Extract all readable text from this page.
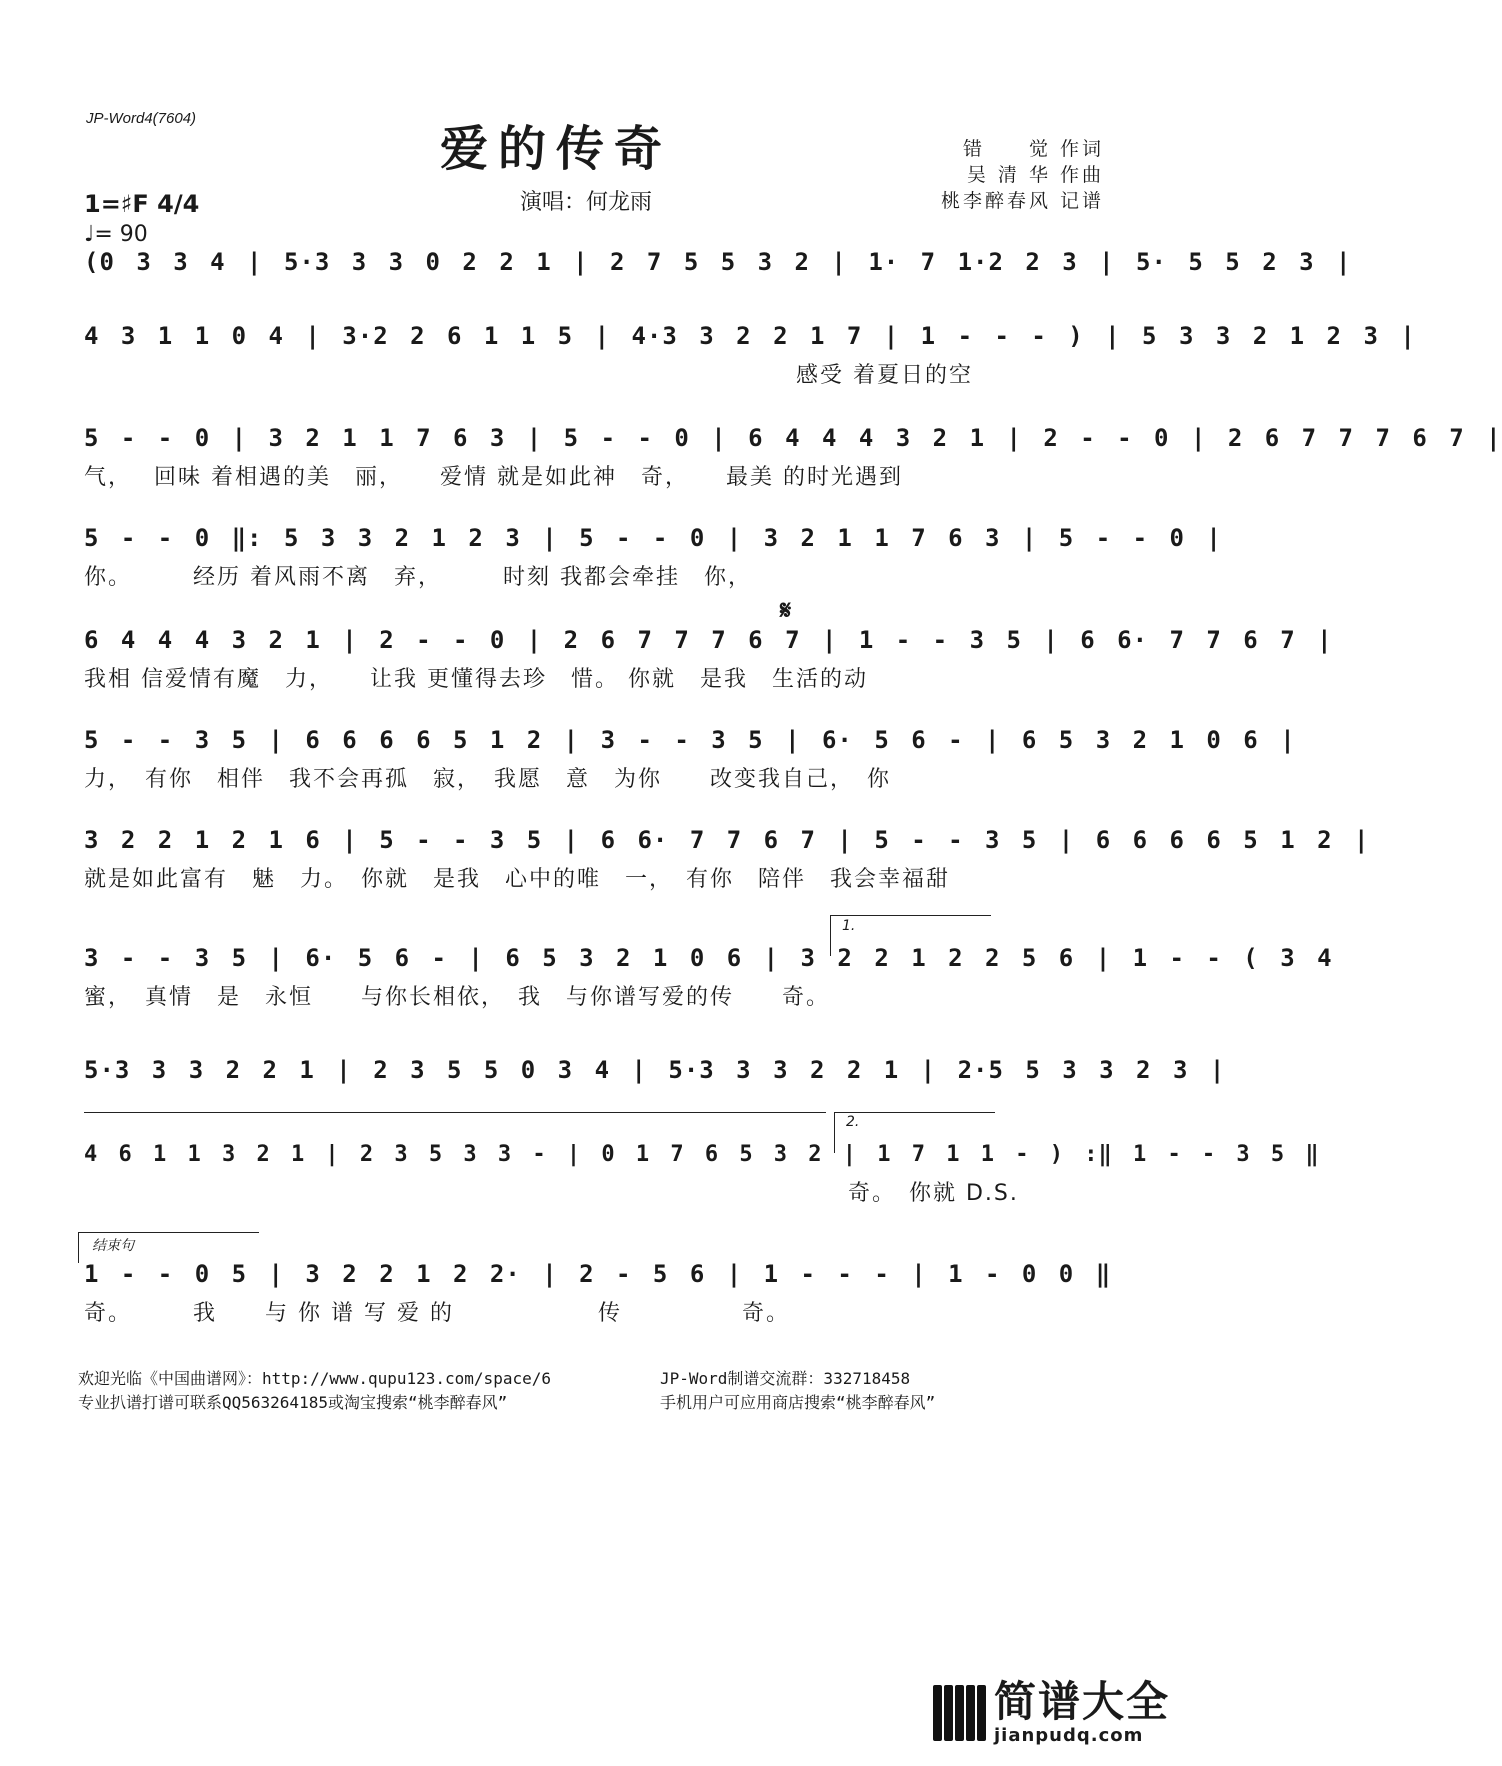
JP-Word4(7604)
爱的传奇
演唱：何龙雨
错　　觉 作词
吴 清 华 作曲
桃李醉春风 记谱
1=♯F 4/4
♩= 90
(0 3 3 4 | 5·3 3 3 0 2 2 1 | 2 7 5 5 3 2 | 1· 7 1·2 2 3 | 5· 5 5 2 3 |
4 3 1 1 0 4 | 3·2 2 6 1 1 5 | 4·3 3 2 2 1 7 | 1 - - - ) | 5 3 3 2 1 2 3 |
感受 着夏日的空
5 - - 0 | 3 2 1 1 7 6 3 | 5 - - 0 | 6 4 4 4 3 2 1 | 2 - - 0 | 2 6 7 7 7 6 7 |
气，　 回味 着相遇的美　丽，　　爱情 就是如此神　奇，　　最美 的时光遇到
5 - - 0 ‖: 5 3 3 2 1 2 3 | 5 - - 0 | 3 2 1 1 7 6 3 | 5 - - 0 |
你。　　　经历 着风雨不离　弃，　　　时刻 我都会牵挂　你，
𝄋
6 4 4 4 3 2 1 | 2 - - 0 | 2 6 7 7 7 6 7 | 1 - - 3 5 | 6 6· 7 7 6 7 |
我相 信爱情有魔　力，　　让我 更懂得去珍　惜。 你就　是我　生活的动
5 - - 3 5 | 6 6 6 6 5 1 2 | 3 - - 3 5 | 6· 5 6 - | 6 5 3 2 1 0 6 |
力，　有你　相伴　我不会再孤　寂，　我愿　意　为你　　改变我自己，　你
3 2 2 1 2 1 6 | 5 - - 3 5 | 6 6· 7 7 6 7 | 5 - - 3 5 | 6 6 6 6 5 1 2 |
就是如此富有　魅　力。　你就　是我　心中的唯　一，　有你　陪伴　我会幸福甜
1.
3 - - 3 5 | 6· 5 6 - | 6 5 3 2 1 0 6 | 3 2 2 1 2 2 5 6 | 1 - - ( 3 4
蜜，　真情　是　永恒　　与你长相依，　我　与你谱写爱的传　　奇。
5·3 3 3 2 2 1 | 2 3 5 5 0 3 4 | 5·3 3 3 2 2 1 | 2·5 5 3 3 2 3 |
2.
4 6 1 1 3 2 1 | 2 3 5 3 3 - | 0 1 7 6 5 3 2 | 1 7 1 1 - ) :‖ 1 - - 3 5 ‖
奇。　你就 D.S.
结束句
1 - - 0 5 | 3 2 2 1 2 2· | 2 - 5 6 | 1 - - - | 1 - 0 0 ‖
奇。　　　我　　与 你 谱 写 爱 的　　　　　　传　　　　　奇。
欢迎光临《中国曲谱网》：http://www.qupu123.com/space/6
专业扒谱打谱可联系QQ563264185或淘宝搜索“桃李醉春风”
JP-Word制谱交流群：332718458
手机用户可应用商店搜索“桃李醉春风”
简谱大全
jianpudq.com
